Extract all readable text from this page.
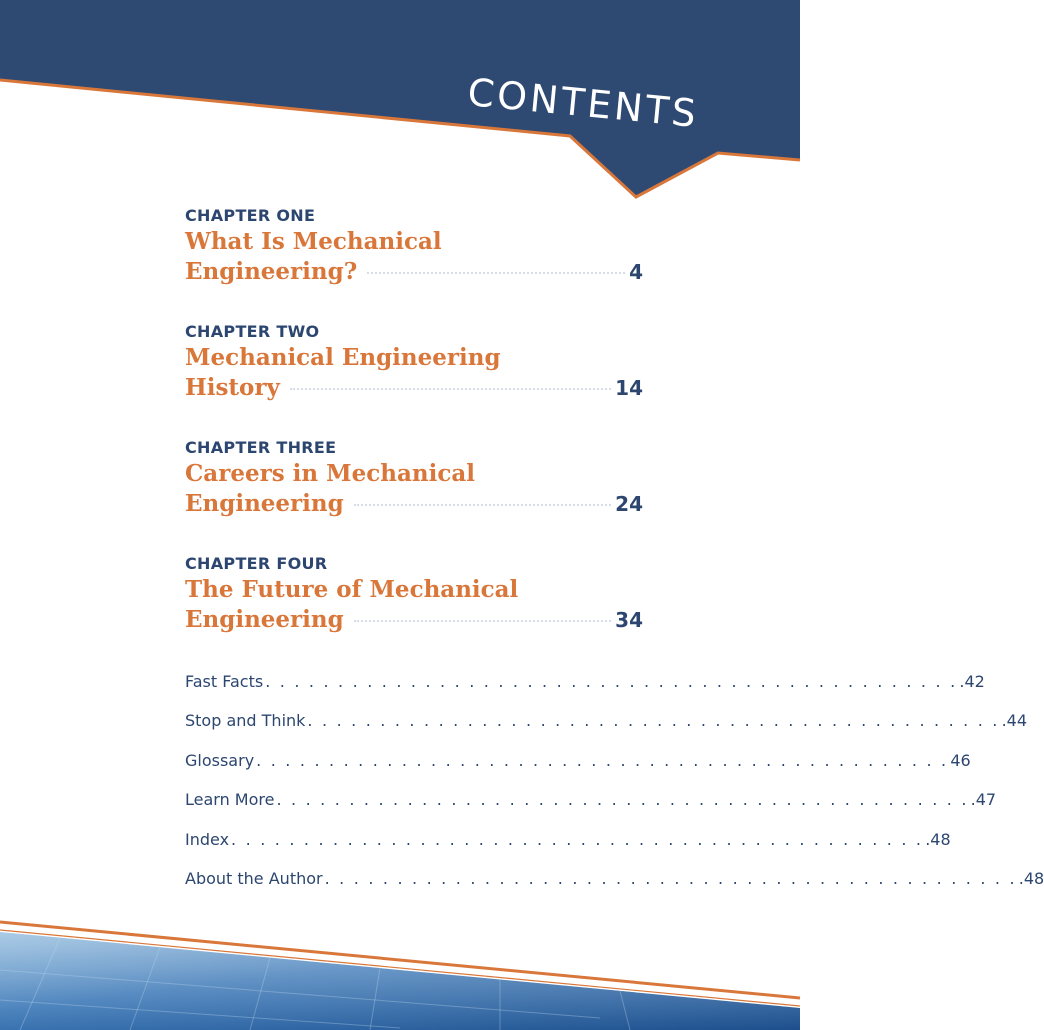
CONTENTS
CHAPTER ONE
What Is Mechanical
Engineering?	4
CHAPTER TWO
Mechanical Engineering
History	14
CHAPTER THREE
Careers in Mechanical
Engineering	24
CHAPTER FOUR
The Future of Mechanical
Engineering	34
Fast Facts . . . . . . . . . . . . . . . . . . . . . . . . . . . . . . . . . . . . . . . . . . . . . . . . .42
Stop and Think . . . . . . . . . . . . . . . . . . . . . . . . . . . . . . . . . . . . . . . . . . . . . . . . .44
Glossary . . . . . . . . . . . . . . . . . . . . . . . . . . . . . . . . . . . . . . . . . . . . . . . . 46
Learn More . . . . . . . . . . . . . . . . . . . . . . . . . . . . . . . . . . . . . . . . . . . . . . . . .47
Index . . . . . . . . . . . . . . . . . . . . . . . . . . . . . . . . . . . . . . . . . . . . . . . . .48
About the Author . . . . . . . . . . . . . . . . . . . . . . . . . . . . . . . . . . . . . . . . . . . . . . . . .48
